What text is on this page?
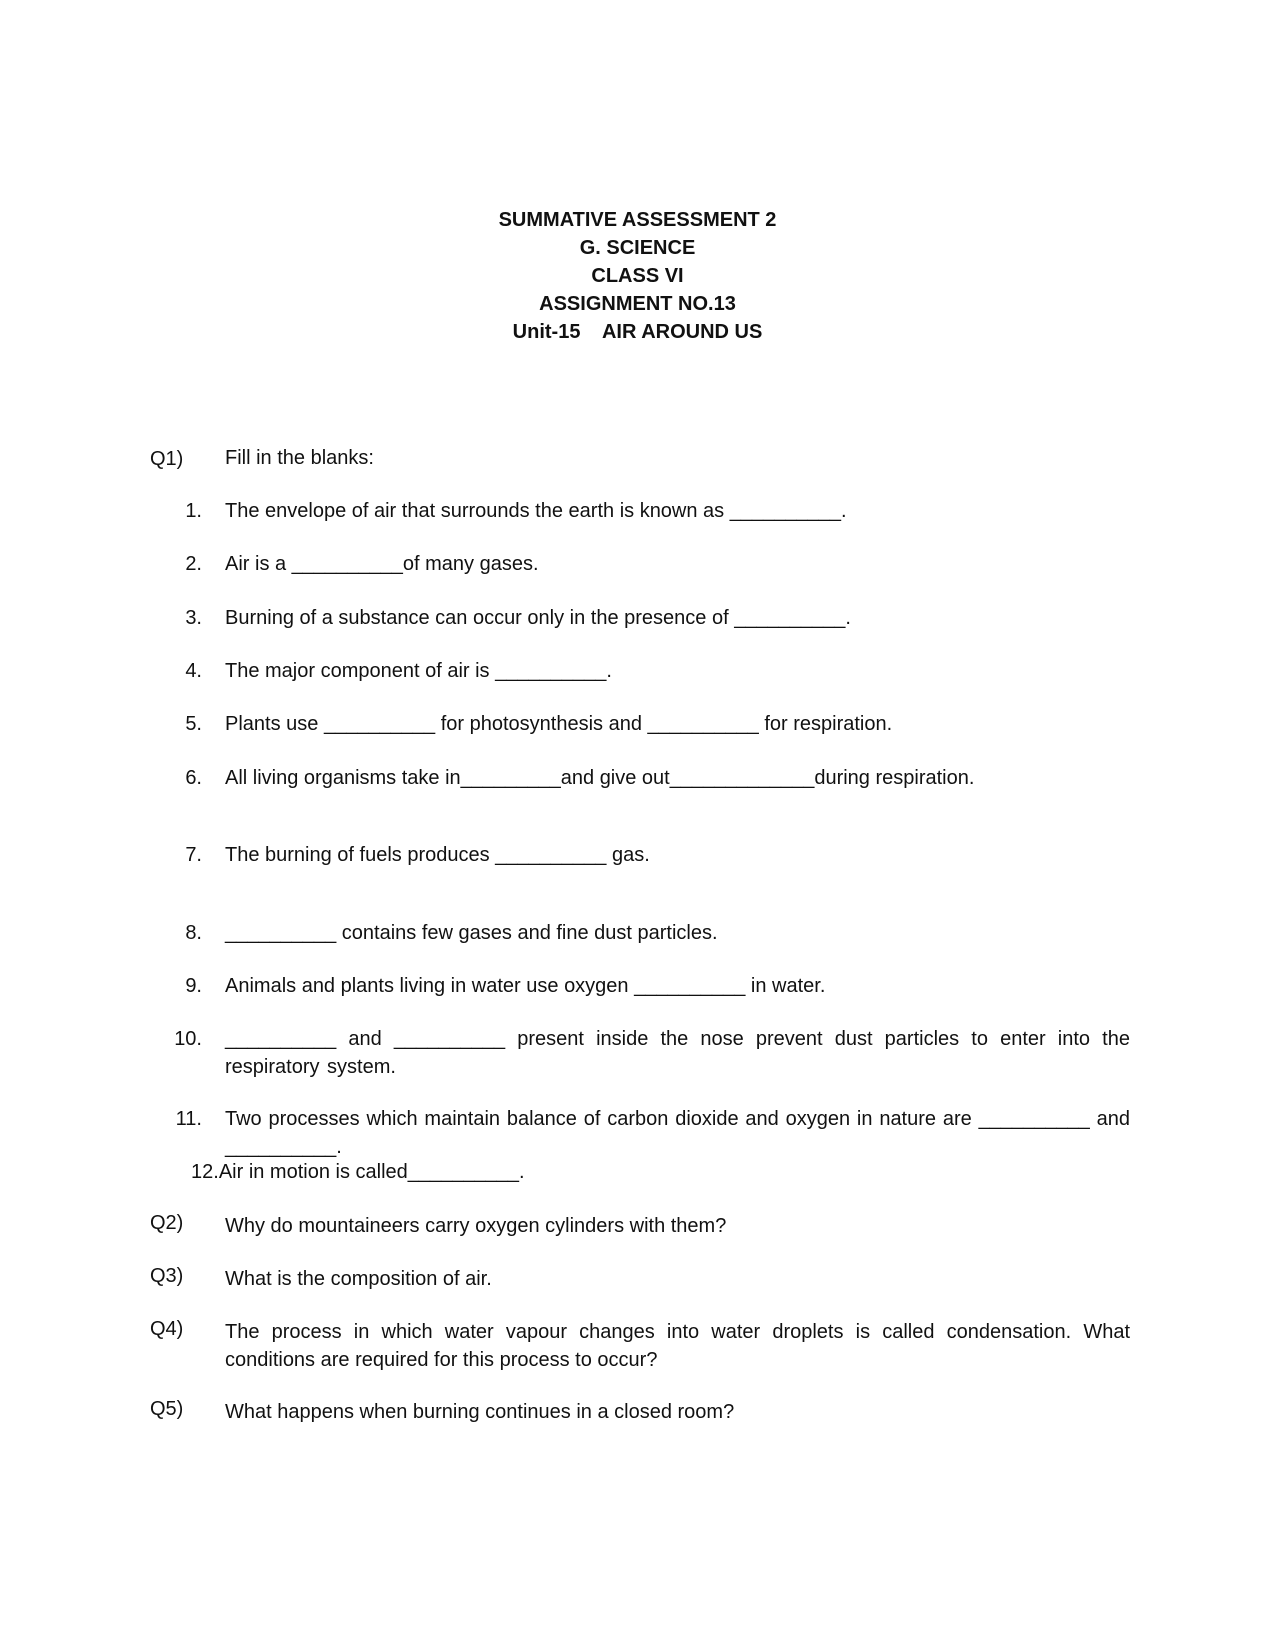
SUMMATIVE ASSESSMENT 2
G. SCIENCE
CLASS VI
ASSIGNMENT NO.13
Unit-15    AIR AROUND US
Q1) Fill in the blanks:
1. The envelope of air that surrounds the earth is known as __________.
2. Air is a __________of many gases.
3. Burning of a substance can occur only in the presence of __________.
4. The major component of air is __________.
5. Plants use __________ for photosynthesis and __________ for respiration.
6. All living organisms take in_________and give out_____________during respiration.
7. The burning of fuels produces __________ gas.
8. __________ contains few gases and fine dust particles.
9. Animals and plants living in water use oxygen __________ in water.
10. __________ and __________ present inside the nose prevent dust particles to enter into the respiratory system.
11. Two processes which maintain balance of carbon dioxide and oxygen in nature are __________ and __________.
12.Air in motion is called__________.
Q2) Why do mountaineers carry oxygen cylinders with them?
Q3) What is the composition of air.
Q4) The process in which water vapour changes into water droplets is called condensation. What conditions are required for this process to occur?
Q5) What happens when burning continues in a closed room?
